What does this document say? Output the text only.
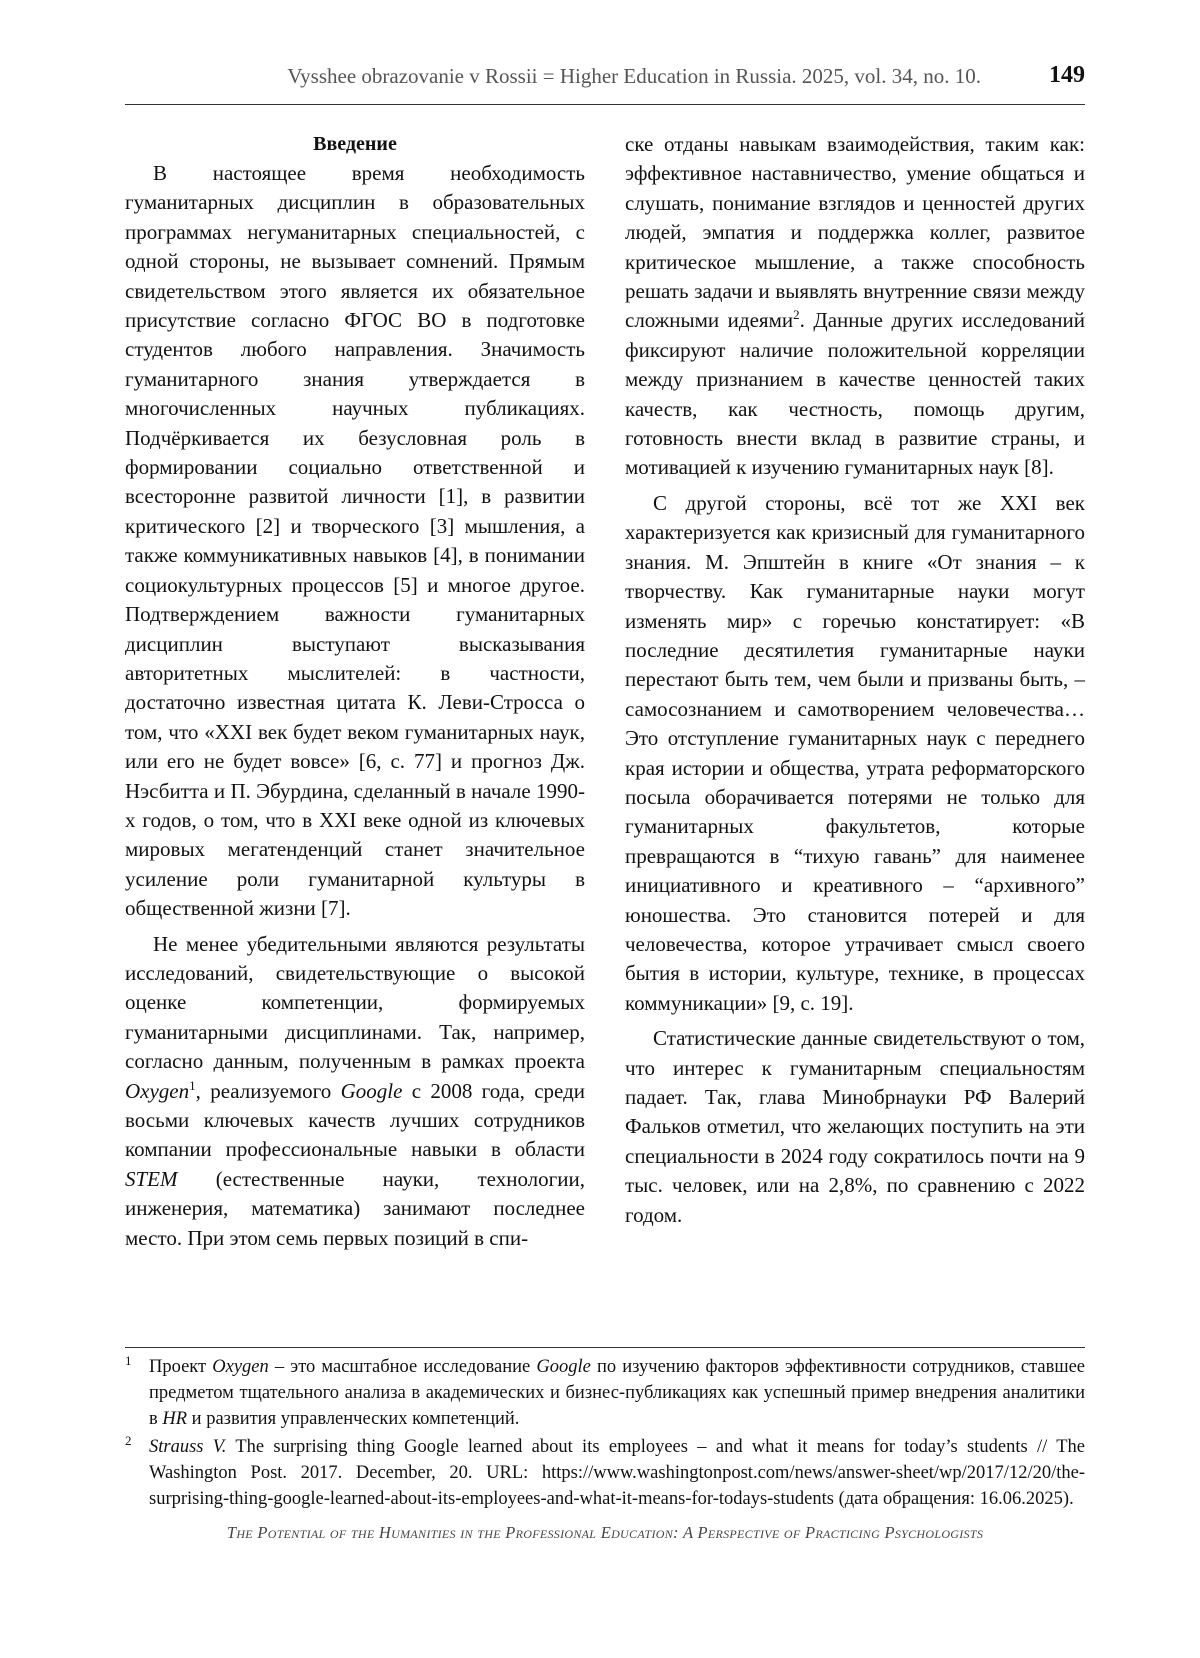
Vysshee obrazovanie v Rossii = Higher Education in Russia. 2025, vol. 34, no. 10.	149
Введение

В настоящее время необходимость гуманитарных дисциплин в образовательных программах негуманитарных специальностей, с одной стороны, не вызывает сомнений. Прямым свидетельством этого является их обязательное присутствие согласно ФГОС ВО в подготовке студентов любого направления. Значимость гуманитарного знания утверждается в многочисленных научных публикациях. Подчёркивается их безусловная роль в формировании социально ответственной и всесторонне развитой личности [1], в развитии критического [2] и творческого [3] мышления, а также коммуникативных навыков [4], в понимании социокультурных процессов [5] и многое другое. Подтверждением важности гуманитарных дисциплин выступают высказывания авторитетных мыслителей: в частности, достаточно известная цитата К. Леви-Стросса о том, что «XXI век будет веком гуманитарных наук, или его не будет вовсе» [6, с. 77] и прогноз Дж. Нэсбитта и П. Эбурдина, сделанный в начале 1990-х годов, о том, что в XXI веке одной из ключевых мировых мегатенденций станет значительное усиление роли гуманитарной культуры в общественной жизни [7].

Не менее убедительными являются результаты исследований, свидетельствующие о высокой оценке компетенции, формируемых гуманитарными дисциплинами. Так, например, согласно данным, полученным в рамках проекта Oxygen$^1$, реализуемого Google с 2008 года, среди восьми ключевых качеств лучших сотрудников компании профессиональные навыки в области STEM (естественные науки, технологии, инженерия, математика) занимают последнее место. При этом семь первых позиций в спи-

ске отданы навыкам взаимодействия, таким как: эффективное наставничество, умение общаться и слушать, понимание взглядов и ценностей других людей, эмпатия и поддержка коллег, развитое критическое мышление, а также способность решать задачи и выявлять внутренние связи между сложными идеями$^2$. Данные других исследований фиксируют наличие положительной корреляции между признанием в качестве ценностей таких качеств, как честность, помощь другим, готовность внести вклад в развитие страны, и мотивацией к изучению гуманитарных наук [8].

С другой стороны, всё тот же XXI век характеризуется как кризисный для гуманитарного знания. М. Эпштейн в книге «От знания – к творчеству. Как гуманитарные науки могут изменять мир» с горечью констатирует: «В последние десятилетия гуманитарные науки перестают быть тем, чем были и призваны быть, – самосознанием и самотворением человечества… Это отступление гуманитарных наук с переднего края истории и общества, утрата реформаторского посыла оборачивается потерями не только для гуманитарных факультетов, которые превращаются в “тихую гавань” для наименее инициативного и креативного – “архивного” юношества. Это становится потерей и для человечества, которое утрачивает смысл своего бытия в истории, культуре, технике, в процессах коммуникации» [9, с. 19].

Статистические данные свидетельствуют о том, что интерес к гуманитарным специальностям падает. Так, глава Минобрнауки РФ Валерий Фальков отметил, что желающих поступить на эти специальности в 2024 году сократилось почти на 9 тыс. человек, или на 2,8%, по сравнению с 2022 годом.

1 Проект Oxygen – это масштабное исследование Google по изучению факторов эффективности сотрудников, ставшее предметом тщательного анализа в академических и бизнес-публикациях как успешный пример внедрения аналитики в HR и развития управленческих компетенций.
2 Strauss V. The surprising thing Google learned about its employees – and what it means for today’s students // The Washington Post. 2017. December, 20. URL: https://www.washingtonpost.com/news/answer-sheet/wp/2017/12/20/the-surprising-thing-google-learned-about-its-employees-and-what-it-means-for-todays-students (дата обращения: 16.06.2025).
The Potential of the Humanities in the Professional Education: A Perspective of Practicing Psychologists
